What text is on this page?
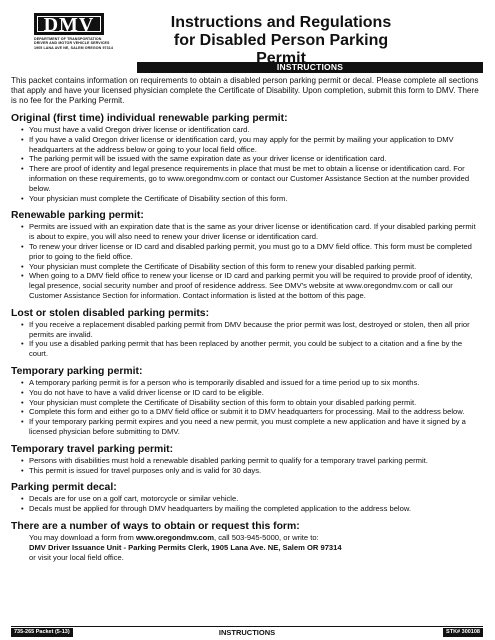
DMV
DEPARTMENT OF TRANSPORTATION
DRIVER AND MOTOR VEHICLE SERVICES
1905 LANA AVE NE, SALEM OREGON 97314
Instructions and Regulations
for Disabled Person Parking Permit
INSTRUCTIONS

This packet contains information on requirements to obtain a disabled person parking permit or decal. Please complete all sections that apply and have your licensed physician complete the Certificate of Disability. Upon completion, submit this form to DMV. There is no fee for the Parking Permit.

Original (first time) individual renewable parking permit:
• You must have a valid Oregon driver license or identification card.
• If you have a valid Oregon driver license or identification card, you may apply for the permit by mailing your application to DMV headquarters at the address below or going to your local field office.
• The parking permit will be issued with the same expiration date as your driver license or identification card.
• There are proof of identity and legal presence requirements in place that must be met to obtain a license or identification card. For information on these requirements, go to www.oregondmv.com or contact our Customer Assistance Section at the number provided below.
• Your physician must complete the Certificate of Disability section of this form.
Renewable parking permit:
• Permits are issued with an expiration date that is the same as your driver license or identification card. If your disabled parking permit is about to expire, you will also need to renew your driver license or identification card.
• To renew your driver license or ID card and disabled parking permit, you must go to a DMV field office. This form must be completed prior to going to the field office.
• Your physician must complete the Certificate of Disability section of this form to renew your disabled parking permit.
• When going to a DMV field office to renew your license or ID card and parking permit you will be required to provide proof of identity, legal presence, social security number and proof of residence address. See DMV's website at www.oregondmv.com or call our Customer Assistance Section for information. Contact information is listed at the bottom of this page.
Lost or stolen disabled parking permits:
• If you receive a replacement disabled parking permit from DMV because the prior permit was lost, destroyed or stolen, then all prior permits are invalid.
• If you use a disabled parking permit that has been replaced by another permit, you could be subject to a citation and a fine by the court.
Temporary parking permit:
• A temporary parking permit is for a person who is temporarily disabled and issued for a time period up to six months.
• You do not have to have a valid driver license or ID card to be eligible.
• Your physician must complete the Certificate of Disability section of this form to obtain your disabled parking permit.
• Complete this form and either go to a DMV field office or submit it to DMV headquarters for processing. Mail to the address below.
• If your temporary parking permit expires and you need a new permit, you must complete a new application and have it signed by a licensed physician before submitting to DMV.
Temporary travel parking permit:
• Persons with disabilities must hold a renewable disabled parking permit to qualify for a temporary travel parking permit.
• This permit is issued for travel purposes only and is valid for 30 days.
Parking permit decal:
• Decals are for use on a golf cart, motorcycle or similar vehicle.
• Decals must be applied for through DMV headquarters by mailing the completed application to the address below.
There are a number of ways to obtain or request this form:

You may download a form from www.oregondmv.com, call 503-945-5000, or write to:

DMV Driver Issuance Unit - Parking Permits Clerk, 1905 Lana Ave. NE, Salem OR 97314

or visit your local field office.

735-265 Packet (5-13)	INSTRUCTIONS	STK# 300108
